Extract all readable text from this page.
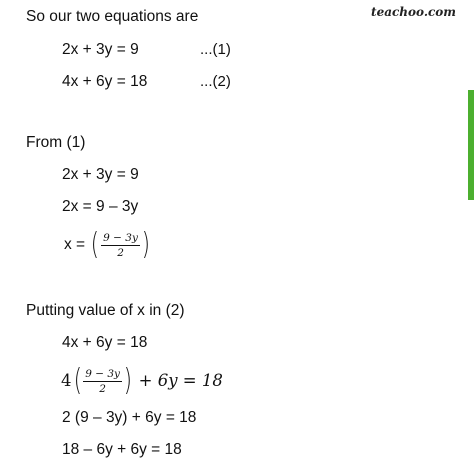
teachoo.com
So our two equations are
2x + 3y = 9	...(1)
4x + 6y = 18	...(2)
From (1)
2x + 3y = 9
2x = 9 – 3y
x =
( $\frac{9 - 3y}{2}$ )
Putting value of x in (2)
4x + 6y = 18
4 ( $\frac{9 - 3y}{2}$ )
+ 6y = 18
2 (9 – 3y) + 6y = 18
18 – 6y + 6y = 18
